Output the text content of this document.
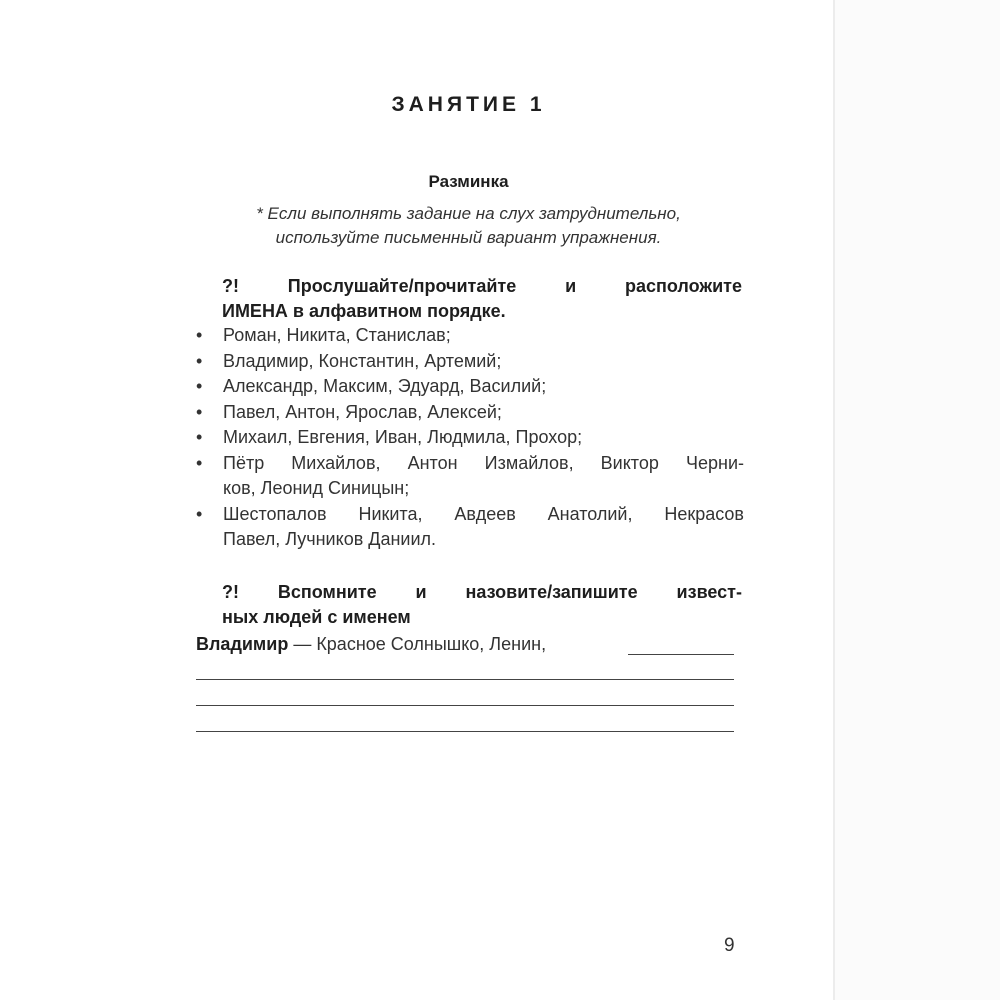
ЗАНЯТИЕ 1
Разминка
* Если выполнять задание на слух затруднительно,
используйте письменный вариант упражнения.
?! Прослушайте/прочитайте и расположите
ИМЕНА в алфавитном порядке.
• Роман, Никита, Станислав;
• Владимир, Константин, Артемий;
• Александр, Максим, Эдуард, Василий;
• Павел, Антон, Ярослав, Алексей;
• Михаил, Евгения, Иван, Людмила, Прохор;
• Пётр Михайлов, Антон Измайлов, Виктор Черни-
ков, Леонид Синицын;
• Шестопалов Никита, Авдеев Анатолий, Некрасов
Павел, Лучников Даниил.
?! Вспомните и назовите/запишите извест-
ных людей с именем
Владимир — Красное Солнышко, Ленин,
9
